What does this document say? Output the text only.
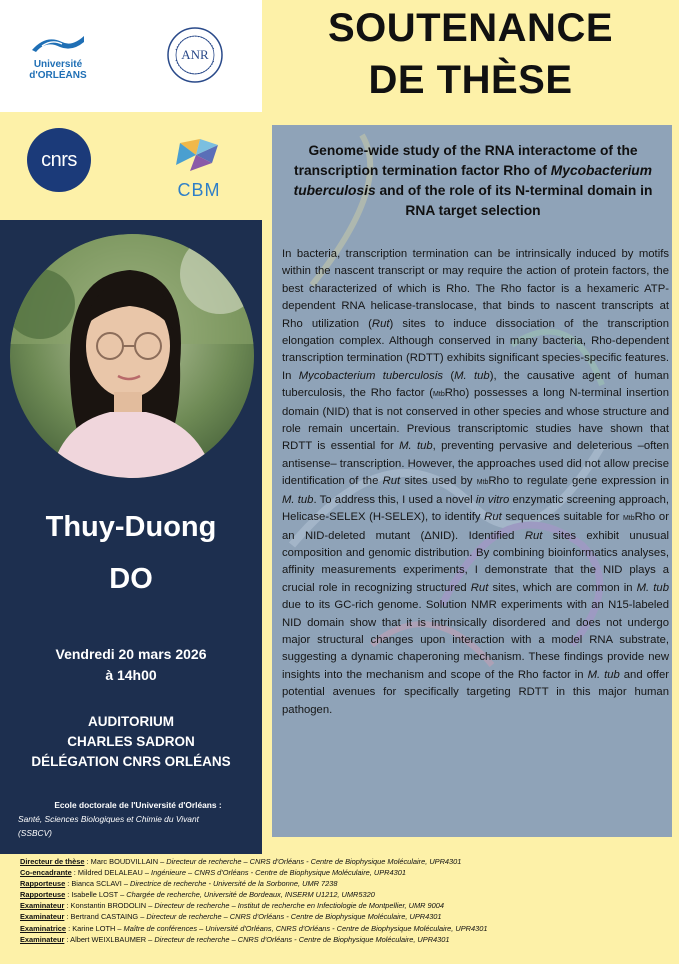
SOUTENANCE
DE THÈSE
Université
d'ORLÉANS
ANR
cnrs
CBM
Thuy-Duong
DO
Vendredi 20 mars 2026
à 14h00
AUDITORIUM
CHARLES SADRON
DÉLÉGATION CNRS ORLÉANS
Ecole doctorale de l'Université d'Orléans :
Santé, Sciences Biologiques et Chimie du Vivant
(SSBCV)
Genome-wide study of the RNA interactome of the transcription termination factor Rho of Mycobacterium tuberculosis and of the role of its N-terminal domain in RNA target selection
In bacteria, transcription termination can be intrinsically induced by motifs within the nascent transcript or may require the action of protein factors, the best characterized of which is Rho. The Rho factor is a hexameric ATP-dependent RNA helicase-translocase, that binds to nascent transcripts at Rho utilization (Rut) sites to induce dissociation of the transcription elongation complex. Although conserved in many bacteria, Rho-dependent transcription termination (RDTT) exhibits significant species-specific features. In Mycobacterium tuberculosis (M. tub), the causative agent of human tuberculosis, the Rho factor (MtbRho) possesses a long N-terminal insertion domain (NID) that is not conserved in other species and whose structure and role remain uncertain. Previous transcriptomic studies have shown that RDTT is essential for M. tub, preventing pervasive and deleterious –often antisense– transcription. However, the approaches used did not allow precise identification of the Rut sites used by MtbRho to regulate gene expression in M. tub. To address this, I used a novel in vitro enzymatic screening approach, Helicase-SELEX (H-SELEX), to identify Rut sequences suitable for MtbRho or an NID-deleted mutant (ΔNID). Identified Rut sites exhibit unusual composition and genomic distribution. By combining bioinformatics analyses, affinity measurements experiments, I demonstrate that the NID plays a crucial role in recognizing structured Rut sites, which are common in M. tub due to its GC-rich genome. Solution NMR experiments with an N15-labeled NID domain show that it is intrinsically disordered and does not undergo major structural changes upon interaction with a model RNA substrate, suggesting a dynamic chaperoning mechanism. These findings provide new insights into the mechanism and scope of the Rho factor in M. tub and offer potential avenues for specifically targeting RDTT in this major human pathogen.
Directeur de thèse : Marc BOUDVILLAIN – Directeur de recherche – CNRS d'Orléans - Centre de Biophysique Moléculaire, UPR4301
Co-encadrante : Mildred DELALEAU – Ingénieure – CNRS d'Orléans - Centre de Biophysique Moléculaire, UPR4301
Rapporteuse : Bianca SCLAVI – Directrice de recherche - Université de la Sorbonne, UMR 7238
Rapporteuse : Isabelle LOST – Chargée de recherche, Université de Bordeaux, INSERM U1212, UMR5320
Examinateur : Konstantin BRODOLIN – Directeur de recherche – Institut de recherche en Infectiologie de Montpellier, UMR 9004
Examinateur : Bertrand CASTAING – Directeur de recherche – CNRS d'Orléans - Centre de Biophysique Moléculaire, UPR4301
Examinatrice : Karine LOTH – Maître de conférences – Université d'Orléans, CNRS d'Orléans - Centre de Biophysique Moléculaire, UPR4301
Examinateur : Albert WEIXLBAUMER – Directeur de recherche – CNRS d'Orléans - Centre de Biophysique Moléculaire, UPR4301
